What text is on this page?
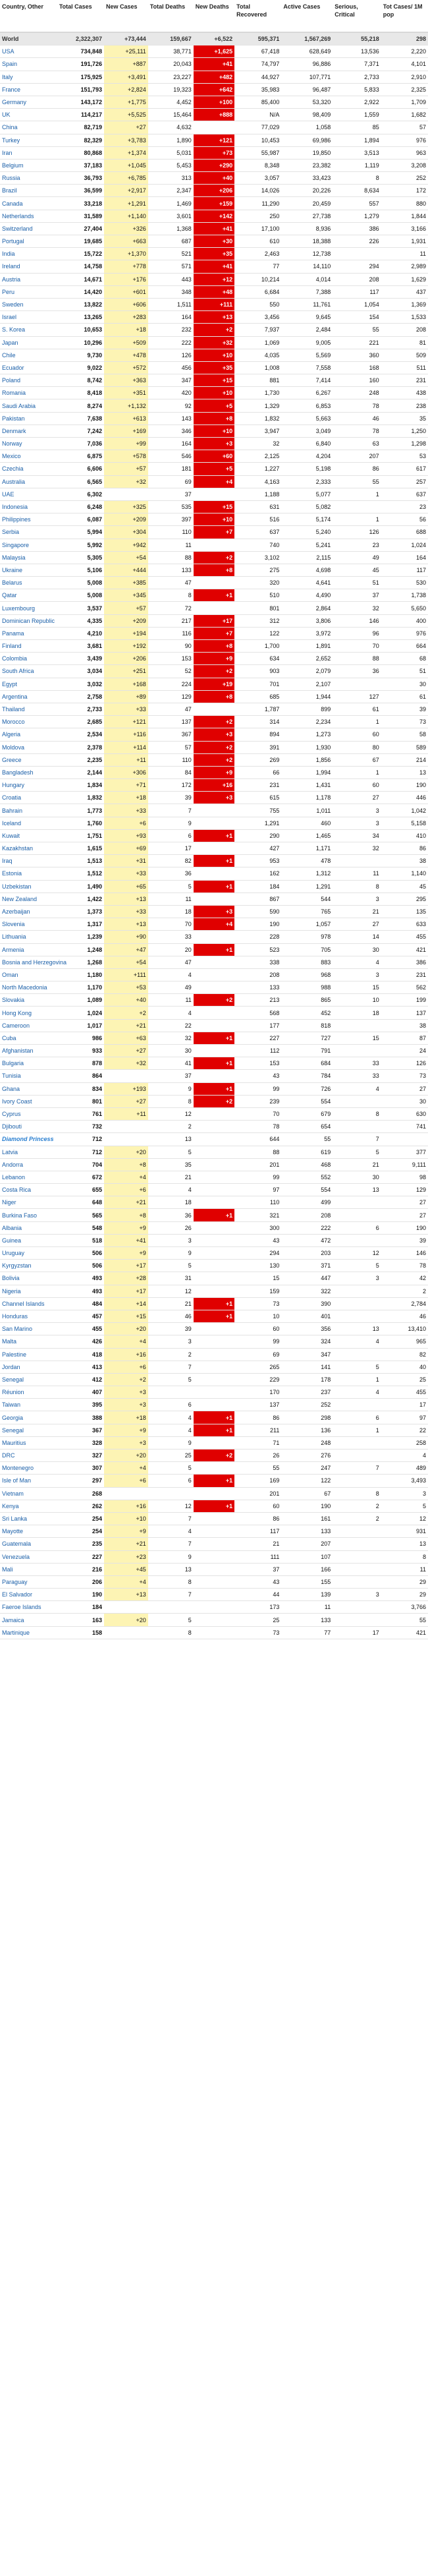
Country, Other	Total Cases	New Cases	Total Deaths	New Deaths	Total Recovered	Active Cases	Serious, Critical	Tot Cases/ 1M pop
World	2,322,307	+73,444	159,667	+6,522	595,371	1,567,269	55,218	298
USA	734,848	+25,111	38,771	+1,625	67,418	628,649	13,536	2,220
Spain	191,726	+887	20,043	+41	74,797	96,886	7,371	4,101
Italy	175,925	+3,491	23,227	+482	44,927	107,771	2,733	2,910
France	151,793	+2,824	19,323	+642	35,983	96,487	5,833	2,325
Germany	143,172	+1,775	4,452	+100	85,400	53,320	2,922	1,709
UK	114,217	+5,525	15,464	+888	N/A	98,409	1,559	1,682
China	82,719	+27	4,632		77,029	1,058	85	57
Turkey	82,329	+3,783	1,890	+121	10,453	69,986	1,894	976
Iran	80,868	+1,374	5,031	+73	55,987	19,850	3,513	963
Belgium	37,183	+1,045	5,453	+290	8,348	23,382	1,119	3,208
Russia	36,793	+6,785	313	+40	3,057	33,423	8	252
Brazil	36,599	+2,917	2,347	+206	14,026	20,226	8,634	172
Canada	33,218	+1,291	1,469	+159	11,290	20,459	557	880
Netherlands	31,589	+1,140	3,601	+142	250	27,738	1,279	1,844
Switzerland	27,404	+326	1,368	+41	17,100	8,936	386	3,166
Portugal	19,685	+663	687	+30	610	18,388	226	1,931
India	15,722	+1,370	521	+35	2,463	12,738		11
Ireland	14,758	+778	571	+41	77	14,110	294	2,989
Austria	14,671	+176	443	+12	10,214	4,014	208	1,629
Peru	14,420	+601	348	+48	6,684	7,388	117	437
Sweden	13,822	+606	1,511	+111	550	11,761	1,054	1,369
Israel	13,265	+283	164	+13	3,456	9,645	154	1,533
S. Korea	10,653	+18	232	+2	7,937	2,484	55	208
Japan	10,296	+509	222	+32	1,069	9,005	221	81
Chile	9,730	+478	126	+10	4,035	5,569	360	509
Ecuador	9,022	+572	456	+35	1,008	7,558	168	511
Poland	8,742	+363	347	+15	881	7,414	160	231
Romania	8,418	+351	420	+10	1,730	6,267	248	438
Saudi Arabia	8,274	+1,132	92	+5	1,329	6,853	78	238
Pakistan	7,638	+613	143	+8	1,832	5,663	46	35
Denmark	7,242	+169	346	+10	3,947	3,049	78	1,250
Norway	7,036	+99	164	+3	32	6,840	63	1,298
Mexico	6,875	+578	546	+60	2,125	4,204	207	53
Czechia	6,606	+57	181	+5	1,227	5,198	86	617
Australia	6,565	+32	69	+4	4,163	2,333	55	257
UAE	6,302		37		1,188	5,077	1	637
Indonesia	6,248	+325	535	+15	631	5,082		23
Philippines	6,087	+209	397	+10	516	5,174	1	56
Serbia	5,994	+304	110	+7	637	5,240	126	688
Singapore	5,992	+942	11		740	5,241	23	1,024
Malaysia	5,305	+54	88	+2	3,102	2,115	49	164
Ukraine	5,106	+444	133	+8	275	4,698	45	117
Belarus	5,008	+385	47		320	4,641	51	530
Qatar	5,008	+345	8	+1	510	4,490	37	1,738
Luxembourg	3,537	+57	72		801	2,864	32	5,650
Dominican Republic	4,335	+209	217	+17	312	3,806	146	400
Panama	4,210	+194	116	+7	122	3,972	96	976
Finland	3,681	+192	90	+8	1,700	1,891	70	664
Colombia	3,439	+206	153	+9	634	2,652	88	68
South Africa	3,034	+251	52	+2	903	2,079	36	51
Egypt	3,032	+168	224	+19	701	2,107		30
Argentina	2,758	+89	129	+8	685	1,944	127	61
Thailand	2,733	+33	47		1,787	899	61	39
Morocco	2,685	+121	137	+2	314	2,234	1	73
Algeria	2,534	+116	367	+3	894	1,273	60	58
Moldova	2,378	+114	57	+2	391	1,930	80	589
Greece	2,235	+11	110	+2	269	1,856	67	214
Bangladesh	2,144	+306	84	+9	66	1,994	1	13
Hungary	1,834	+71	172	+16	231	1,431	60	190
Croatia	1,832	+18	39	+3	615	1,178	27	446
Bahrain	1,773	+33	7		755	1,011	3	1,042
Iceland	1,760	+6	9		1,291	460	3	5,158
Kuwait	1,751	+93	6	+1	290	1,465	34	410
Kazakhstan	1,615	+69	17		427	1,171	32	86
Iraq	1,513	+31	82	+1	953	478		38
Estonia	1,512	+33	36		162	1,312	11	1,140
Uzbekistan	1,490	+65	5	+1	184	1,291	8	45
New Zealand	1,422	+13	11		867	544	3	295
Azerbaijan	1,373	+33	18	+3	590	765	21	135
Slovenia	1,317	+13	70	+4	190	1,057	27	633
Lithuania	1,239	+90	33		228	978	14	455
Armenia	1,248	+47	20	+1	523	705	30	421
Bosnia and Herzegovina	1,268	+54	47		338	883	4	386
Oman	1,180	+111	4		208	968	3	231
North Macedonia	1,170	+53	49		133	988	15	562
Slovakia	1,089	+40	11	+2	213	865	10	199
Hong Kong	1,024	+2	4		568	452	18	137
Cameroon	1,017	+21	22		177	818		38
Cuba	986	+63	32	+1	227	727	15	87
Afghanistan	933	+27	30		112	791		24
Bulgaria	878	+32	41	+1	153	684	33	126
Tunisia	864		37		43	784	33	73
Ghana	834	+193	9	+1	99	726	4	27
Ivory Coast	801	+27	8	+2	239	554		30
Cyprus	761	+11	12		70	679	8	630
Djibouti	732		2		78	654		741
Diamond Princess	712		13		644	55	7	
Latvia	712	+20	5		88	619	5	377
Andorra	704	+8	35		201	468	21	9,111
Lebanon	672	+4	21		99	552	30	98
Costa Rica	655	+6	4		97	554	13	129
Niger	648	+21	18		110	499		27
Burkina Faso	565	+8	36	+1	321	208		27
Albania	548	+9	26		300	222	6	190
Guinea	518	+41	3		43	472		39
Uruguay	506	+9	9		294	203	12	146
Kyrgyzstan	506	+17	5		130	371	5	78
Bolivia	493	+28	31		15	447	3	42
Nigeria	493	+17	12		159	322		2
Channel Islands	484	+14	21	+1	73	390		2,784
Honduras	457	+15	46	+1	10	401		46
San Marino	455	+20	39		60	356	13	13,410
Malta	426	+4	3		99	324	4	965
Palestine	418	+16	2		69	347		82
Jordan	413	+6	7		265	141	5	40
Senegal	412	+2	5		229	178	1	25
Réunion	407	+3			170	237	4	455
Taiwan	395	+3	6		137	252		17
Georgia	388	+18	4	+1	86	298	6	97
Senegal	367	+9	4	+1	211	136	1	22
Mauritius	328	+3	9		71	248		258
DRC	327	+20	25	+2	26	276		4
Montenegro	307	+4	5		55	247	7	489
Isle of Man	297	+6	6	+1	169	122		3,493
Vietnam	268				201	67	8	3
Kenya	262	+16	12	+1	60	190	2	5
Sri Lanka	254	+10	7		86	161	2	12
Mayotte	254	+9	4		117	133		931
Guatemala	235	+21	7		21	207		13
Venezuela	227	+23	9		111	107		8
Mali	216	+45	13		37	166		11
Paraguay	206	+4	8		43	155		29
El Salvador	190	+13	7		44	139	3	29
Faeroe Islands	184				173	11		3,766
Jamaica	163	+20	5		25	133		55
Martinique	158		8		73	77	17	421
